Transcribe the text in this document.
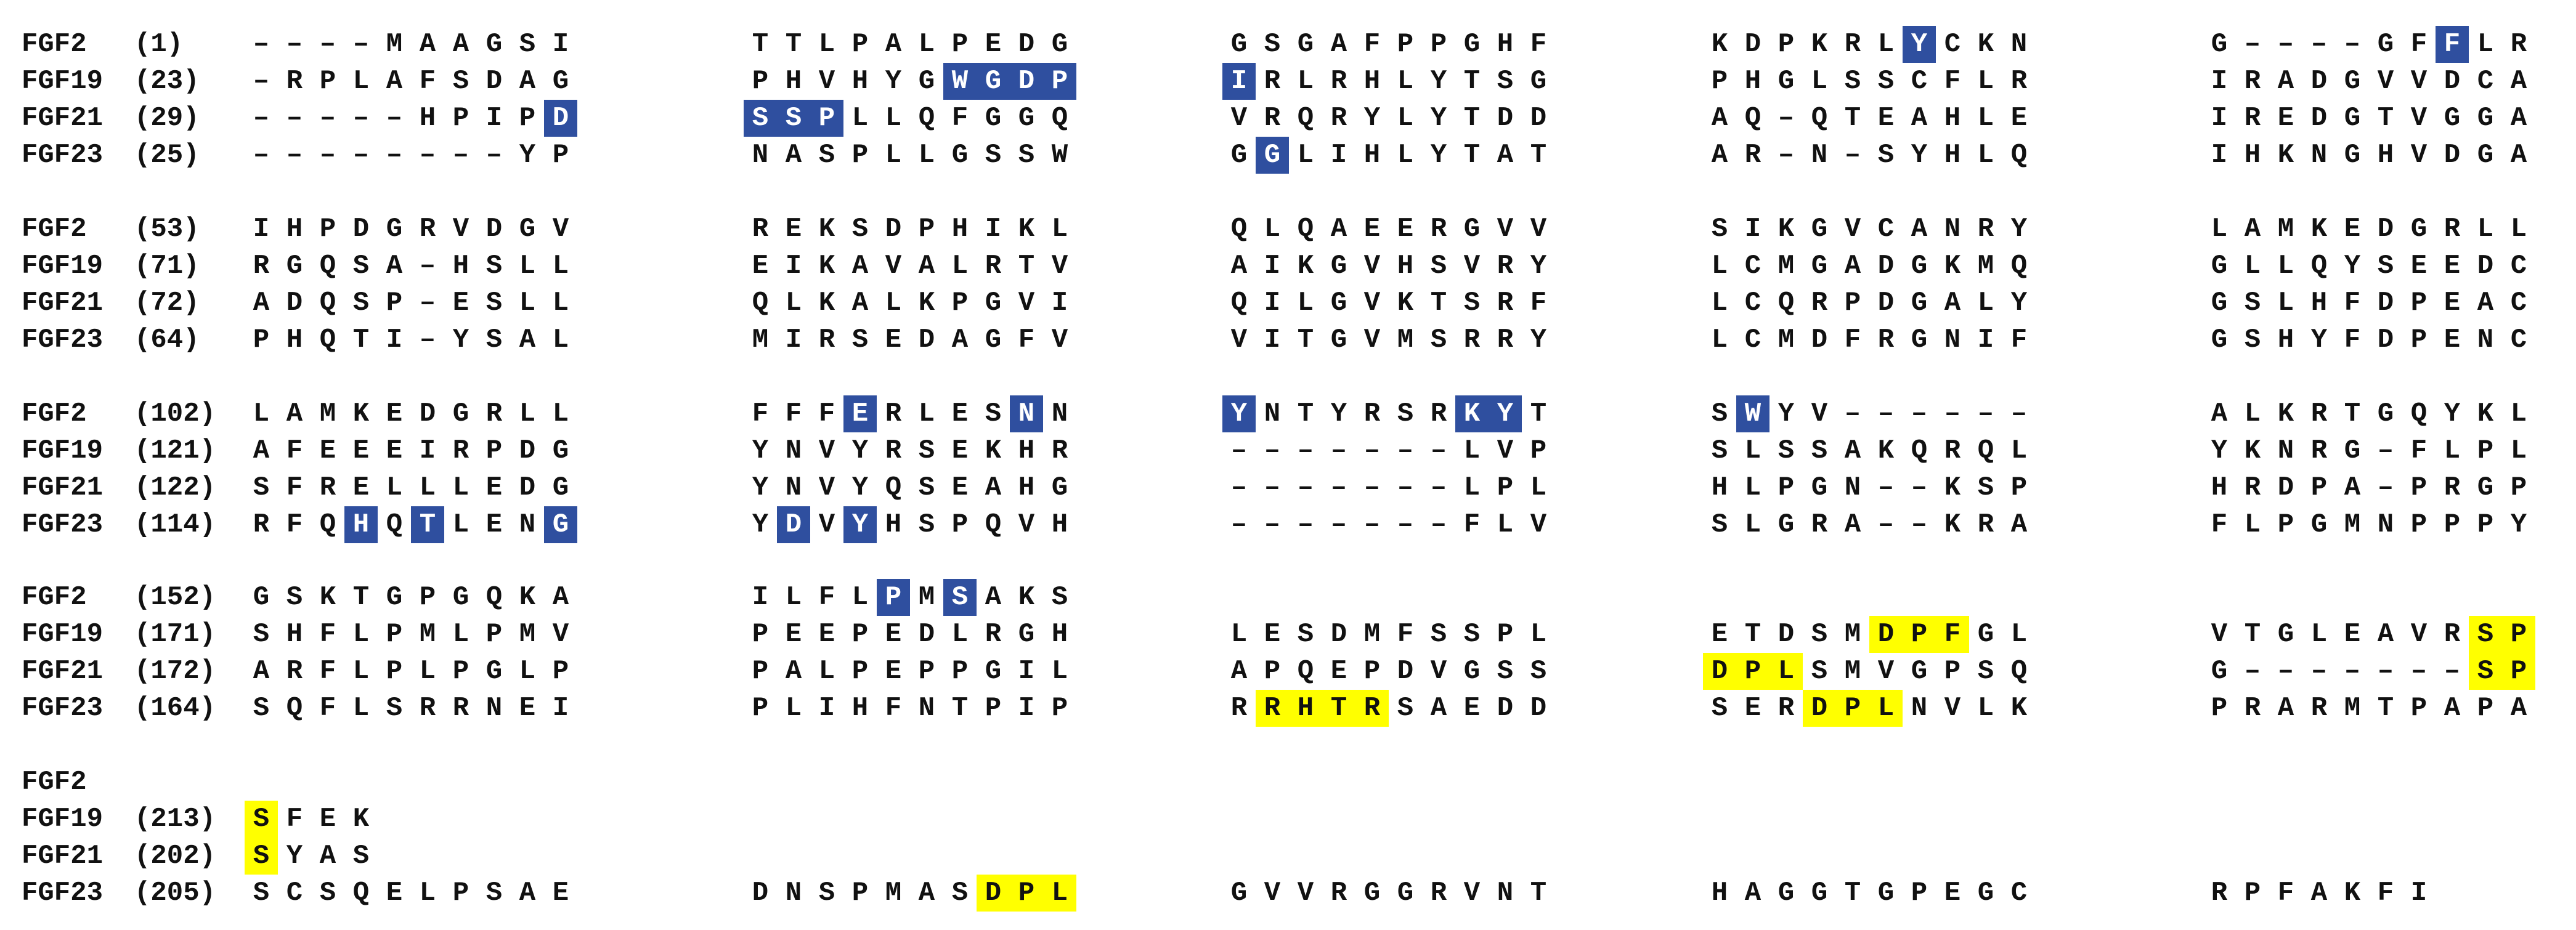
FGF2 (1)	– – – – M A A G S I	T T L P A L P E D G	G S G A F P P G H F	K D P K R L Y C K N	G – – – – G F F L R
FGF19 (23)	– R P L A F S D A G	P H V H Y G W G D P	I R L R H L Y T S G	P H G L S S C F L R	I R A D G V V D C A
FGF21 (29)	– – – – – H P I P D	S S P L L Q F G G Q	V R Q R Y L Y T D D	A Q – Q T E A H L E	I R E D G T V G G A
FGF23 (25)	– – – – – – – – Y P	N A S P L L G S S W	G G L I H L Y T A T	A R – N – S Y H L Q	I H K N G H V D G A
FGF2 (53)	I H P D G R V D G V	R E K S D P H I K L	Q L Q A E E R G V V	S I K G V C A N R Y	L A M K E D G R L L
FGF19 (71)	R G Q S A – H S L L	E I K A V A L R T V	A I K G V H S V R Y	L C M G A D G K M Q	G L L Q Y S E E D C
FGF21 (72)	A D Q S P – E S L L	Q L K A L K P G V I	Q I L G V K T S R F	L C Q R P D G A L Y	G S L H F D P E A C
FGF23 (64)	P H Q T I – Y S A L	M I R S E D A G F V	V I T G V M S R R Y	L C M D F R G N I F	G S H Y F D P E N C
FGF2 (102)	L A M K E D G R L L	F F F E R L E S N N	Y N T Y R S R K Y T	S W Y V – – – – – –	A L K R T G Q Y K L
FGF19 (121)	A F E E E I R P D G	Y N V Y R S E K H R	– – – – – – – L V P	S L S S A K Q R Q L	Y K N R G – F L P L
FGF21 (122)	S F R E L L L E D G	Y N V Y Q S E A H G	– – – – – – – L P L	H L P G N – – K S P	H R D P A – P R G P
FGF23 (114)	R F Q H Q T L E N G	Y D V Y H S P Q V H	– – – – – – – F L V	S L G R A – – K R A	F L P G M N P P P Y
FGF2 (152)	G S K T G P G Q K A	I L F L P M S A K S
FGF19 (171)	S H F L P M L P M V	P E E P E D L R G H	L E S D M F S S P L	E T D S M D P F G L	V T G L E A V R S P
FGF21 (172)	A R F L P L P G L P	P A L P E P P G I L	A P Q E P D V G S S	D P L S M V G P S Q	G – – – – – – – S P
FGF23 (164)	S Q F L S R R N E I	P L I H F N T P I P	R R H T R S A E D D	S E R D P L N V L K	P R A R M T P A P A
FGF2
FGF19 (213)	S F E K
FGF21 (202)	S Y A S
FGF23 (205)	S C S Q E L P S A E	D N S P M A S D P L	G V V R G G R V N T	H A G G T G P E G C	R P F A K F I
